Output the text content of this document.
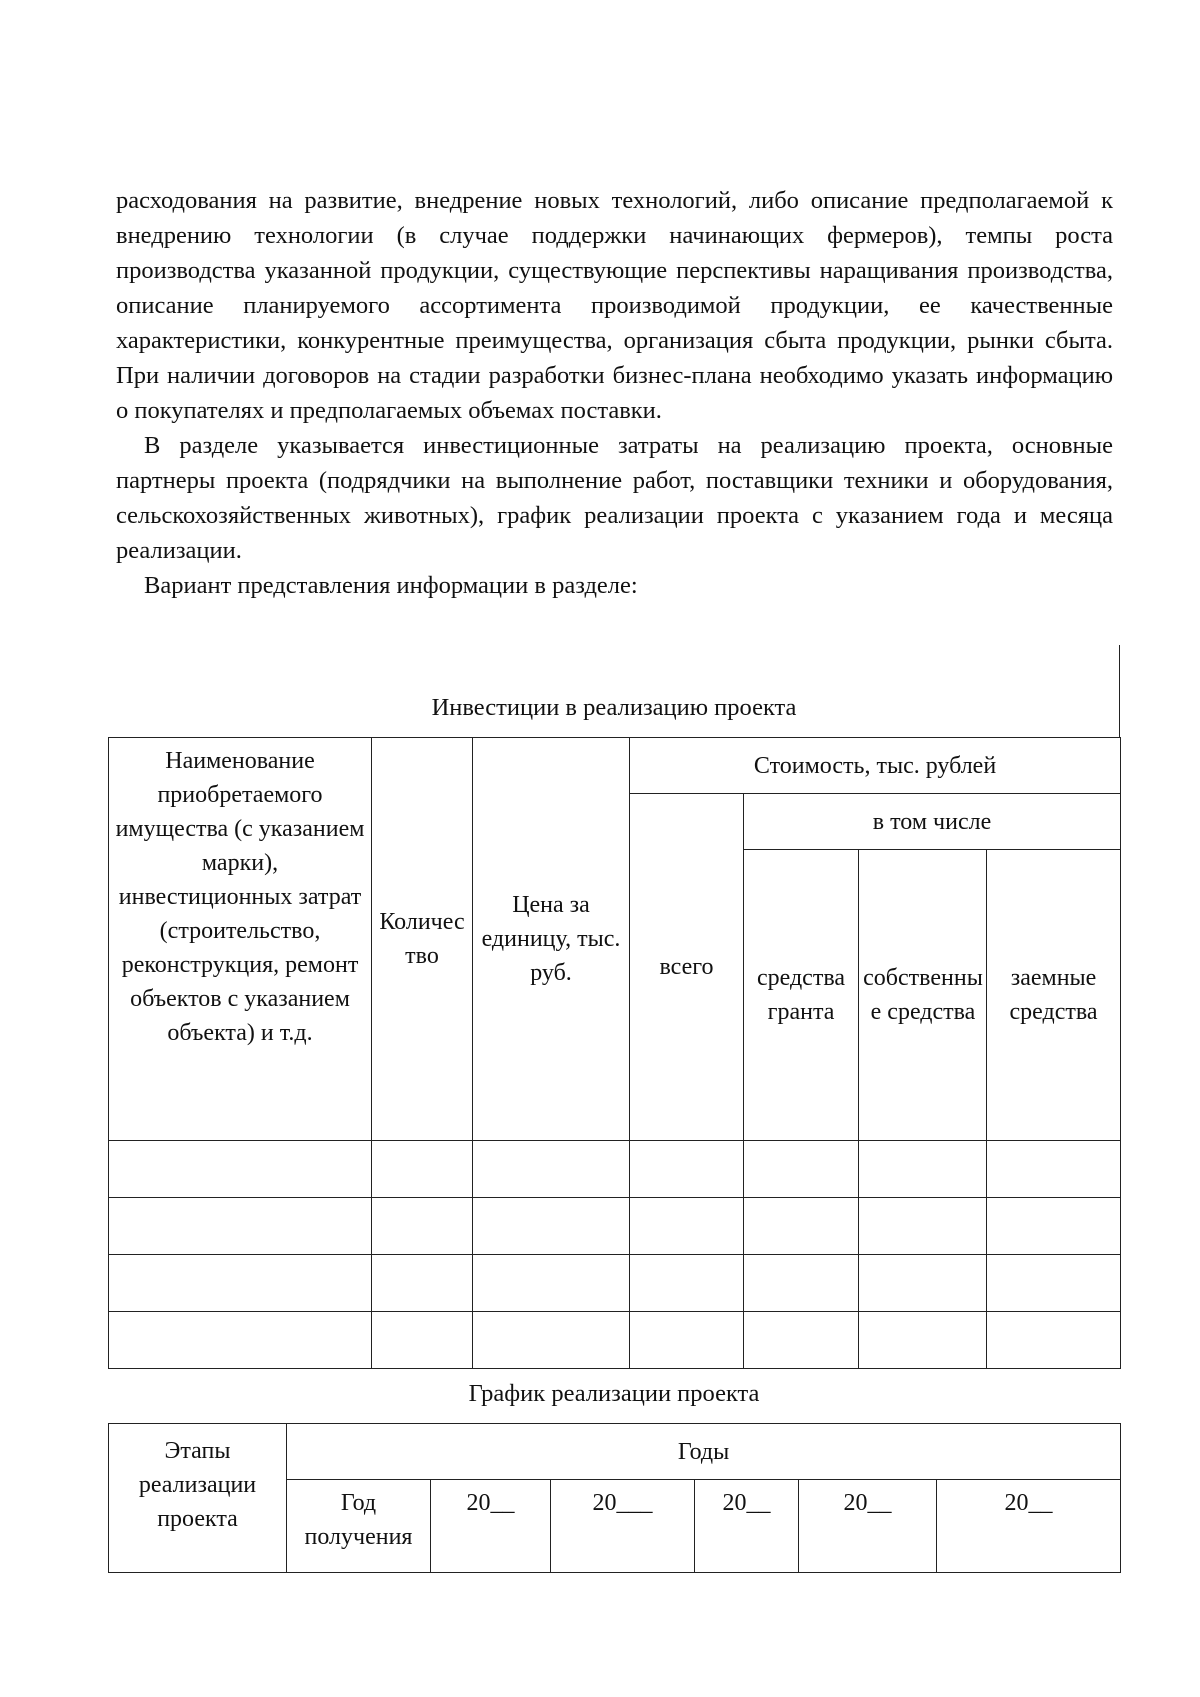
расходования на развитие, внедрение новых технологий, либо описание предполагаемой к внедрению технологии (в случае поддержки начинающих фермеров), темпы роста производства указанной продукции, существующие перспективы наращивания производства, описание планируемого ассортимента производимой продукции, ее качественные характеристики, конкурентные преимущества, организация сбыта продукции, рынки сбыта. При наличии договоров на стадии разработки бизнес-плана необходимо указать информацию о покупателях и предполагаемых объемах поставки.

В разделе указывается инвестиционные затраты на реализацию проекта, основные партнеры проекта (подрядчики на выполнение работ, поставщики техники и оборудования, сельскохозяйственных животных), график реализации проекта с указанием года и месяца реализации.

Вариант представления информации в разделе:

Инвестиции в реализацию проекта
Наименование приобретаемого имущества (с указанием марки), инвестиционных затрат (строительство, реконструкция, ремонт объектов с указанием объекта) и т.д.	Количество	Цена за единицу, тыс. руб.	Стоимость, тыс. рублей			
			всего	в том числе		
				средства гранта	собственные средства	заемные средства

График реализации проекта
Этапы реализации проекта	Годы					
	Год получения	20__	20___	20__	20__	20__
